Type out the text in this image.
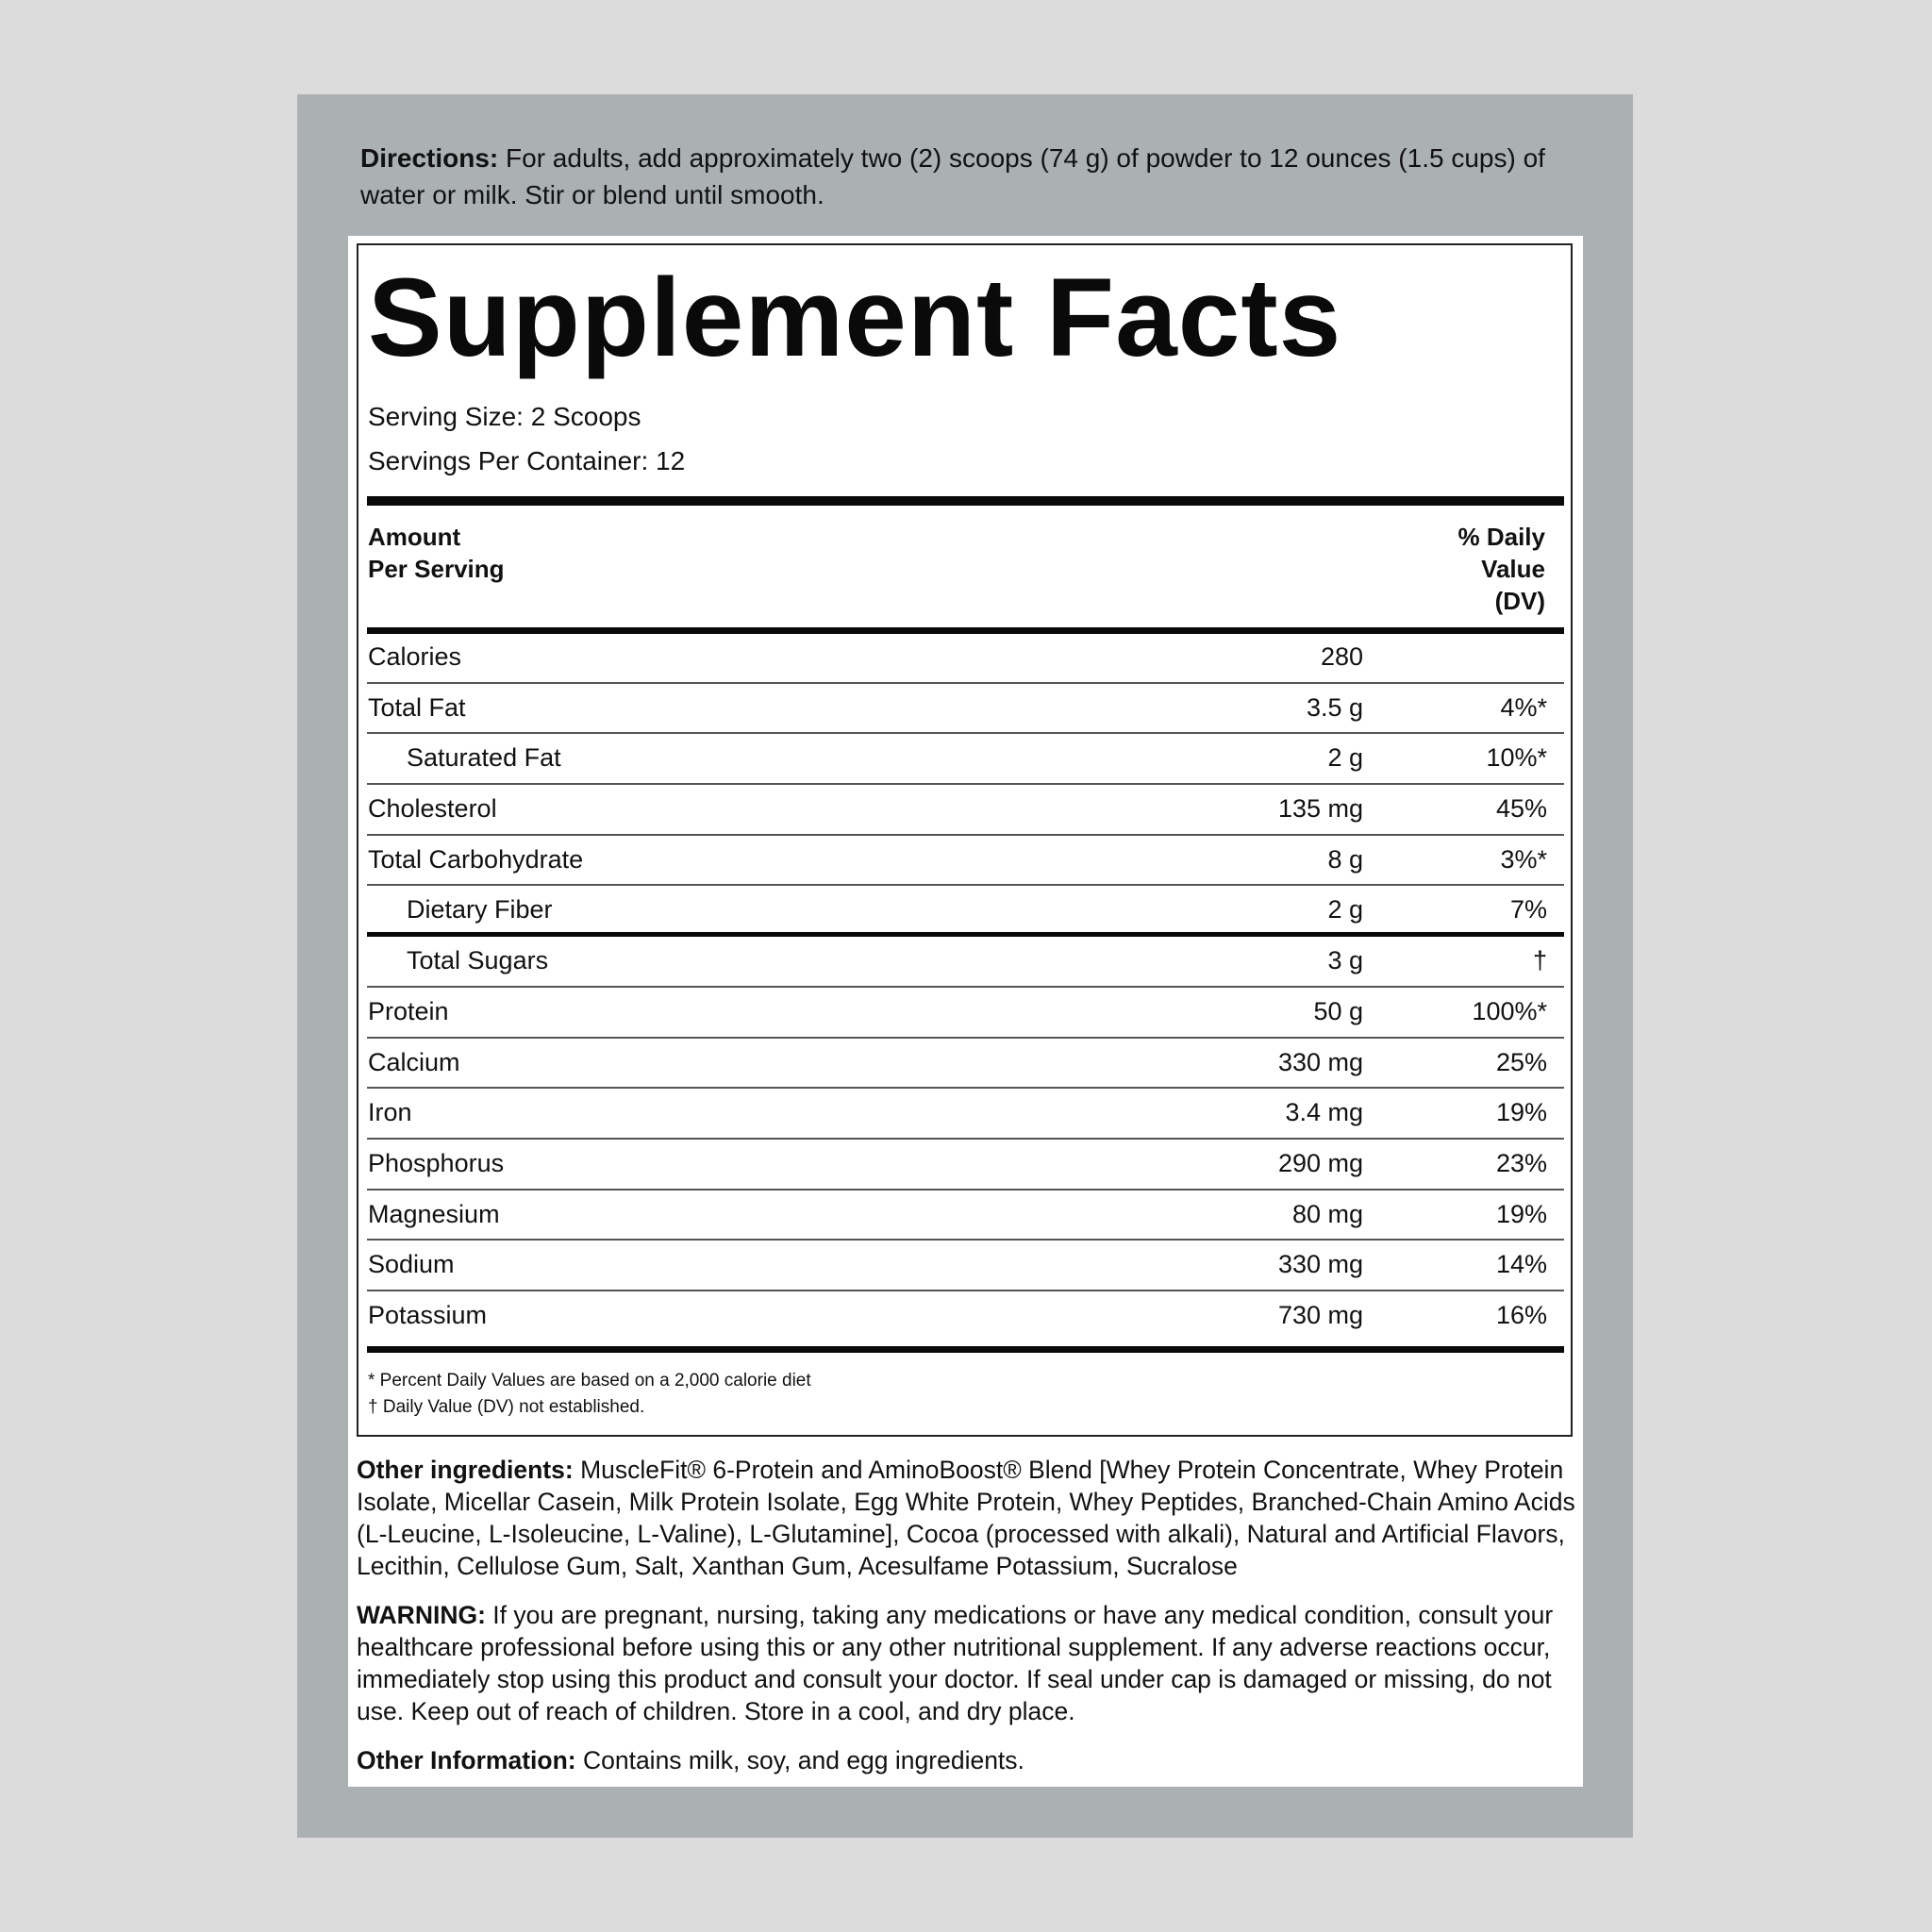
Directions: For adults, add approximately two (2) scoops (74 g) of powder to 12 ounces (1.5 cups) of water or milk. Stir or blend until smooth.
Supplement Facts
Serving Size: 2 Scoops
Servings Per Container: 12
Amount
Per Serving
% Daily
Value
(DV)
Calories	280
Total Fat	3.5 g	4%*
Saturated Fat	2 g	10%*
Cholesterol	135 mg	45%
Total Carbohydrate	8 g	3%*
Dietary Fiber	2 g	7%
Total Sugars	3 g	†
Protein	50 g	100%*
Calcium	330 mg	25%
Iron	3.4 mg	19%
Phosphorus	290 mg	23%
Magnesium	80 mg	19%
Sodium	330 mg	14%
Potassium	730 mg	16%
* Percent Daily Values are based on a 2,000 calorie diet
† Daily Value (DV) not established.
Other ingredients: MuscleFit® 6-Protein and AminoBoost® Blend [Whey Protein Concentrate, Whey Protein Isolate, Micellar Casein, Milk Protein Isolate, Egg White Protein, Whey Peptides, Branched-Chain Amino Acids (L-Leucine, L-Isoleucine, L-Valine), L-Glutamine], Cocoa (processed with alkali), Natural and Artificial Flavors, Lecithin, Cellulose Gum, Salt, Xanthan Gum, Acesulfame Potassium, Sucralose
WARNING: If you are pregnant, nursing, taking any medications or have any medical condition, consult your healthcare professional before using this or any other nutritional supplement. If any adverse reactions occur, immediately stop using this product and consult your doctor. If seal under cap is damaged or missing, do not use. Keep out of reach of children. Store in a cool, and dry place.
Other Information: Contains milk, soy, and egg ingredients.
